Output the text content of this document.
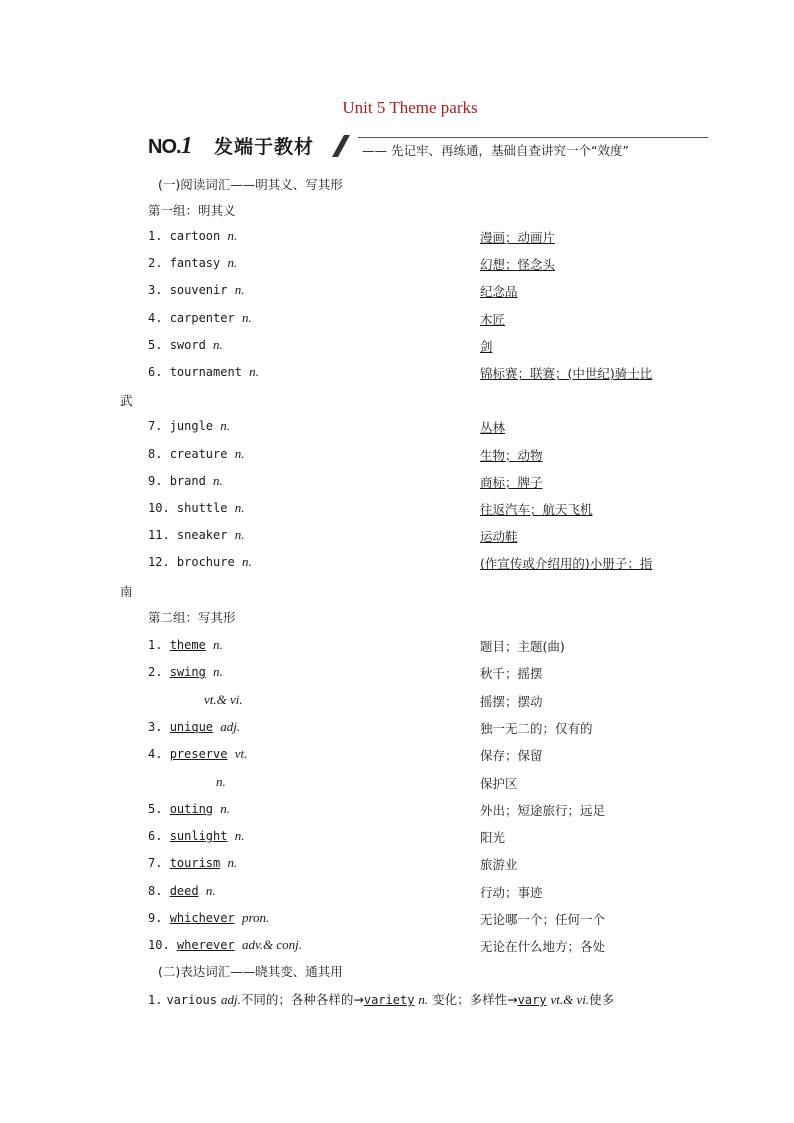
Unit 5 Theme parks
NO.1 发端于教材	—— 先记牢、再练通，基础自查讲究一个“效度”
(一)阅读词汇——明其义、写其形
第一组：明其义
1. cartoon n.	漫画；动画片
2. fantasy n.	幻想；怪念头
3. souvenir n.	纪念品
4. carpenter n.	木匠
5. sword n.	剑
6. tournament n.	锦标赛；联赛；(中世纪)骑士比
武
7. jungle n.	丛林
8. creature n.	生物；动物
9. brand n.	商标；牌子
10. shuttle n.	往返汽车；航天飞机
11. sneaker n.	运动鞋
12. brochure n.	(作宣传或介绍用的)小册子；指
南
第二组：写其形
1. theme n.	题目；主题(曲)
2. swing n.	秋千；摇摆
vt.& vi.	摇摆；摆动
3. unique adj.	独一无二的；仅有的
4. preserve vt.	保存；保留
n.	保护区
5. outing n.	外出；短途旅行；远足
6. sunlight n.	阳光
7. tourism n.	旅游业
8. deed n.	行动；事迹
9. whichever pron.	无论哪一个；任何一个
10. wherever adv.& conj.	无论在什么地方；各处
(二)表达词汇——晓其变、通其用
1. various adj.不同的；各种各样的→variety n. 变化；多样性→vary vt.& vi.使多
